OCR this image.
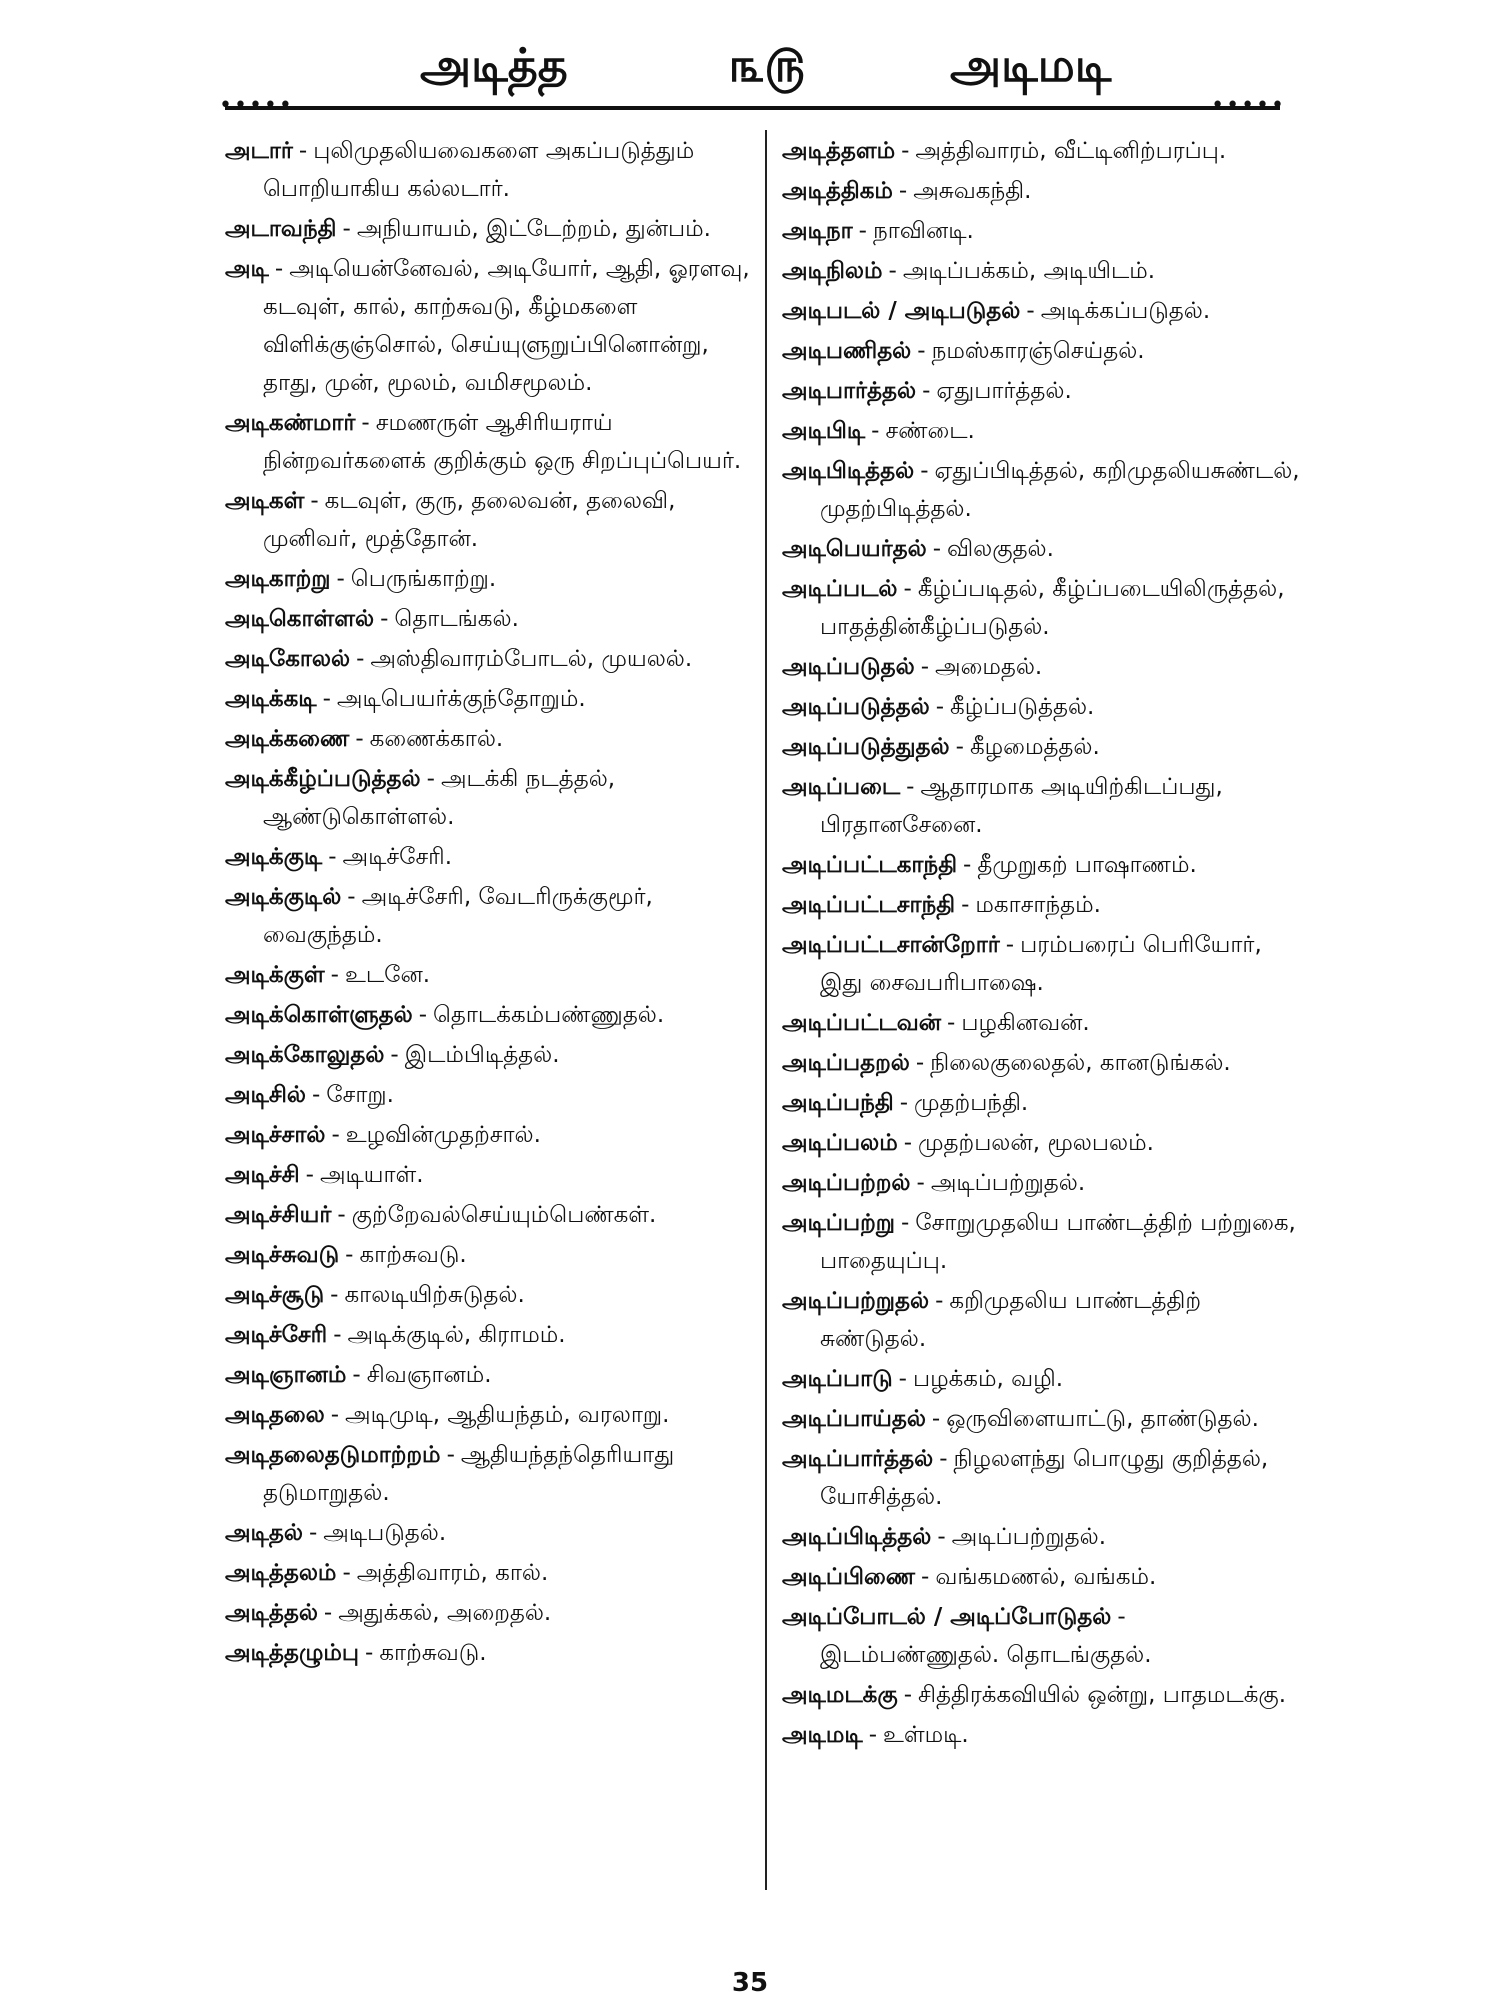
அடித்த	௩௫	அடிமடி
••••• •••••
அடார் - புலிமுதலியவைகளை அகப்படுத்தும் பொறியாகிய கல்லடார்.
அடாவந்தி - அநியாயம், இட்டேற்றம், துன்பம்.
அடி - அடியென்னேவல், அடியோர், ஆதி, ஓரளவு, கடவுள், கால், காற்சுவடு, கீழ்மகளை விளிக்குஞ்சொல், செய்யுளுறுப்பினொன்று, தாது, முன், மூலம், வமிசமூலம்.
அடிகண்மார் - சமணருள் ஆசிரியராய் நின்றவர்களைக் குறிக்கும் ஒரு சிறப்புப்பெயர்.
அடிகள் - கடவுள், குரு, தலைவன், தலைவி, முனிவர், மூத்தோன்.
அடிகாற்று - பெருங்காற்று.
அடிகொள்ளல் - தொடங்கல்.
அடிகோலல் - அஸ்திவாரம்போடல், முயலல்.
அடிக்கடி - அடிபெயர்க்குந்தோறும்.
அடிக்கணை - கணைக்கால்.
அடிக்கீழ்ப்படுத்தல் - அடக்கி நடத்தல், ஆண்டுகொள்ளல்.
அடிக்குடி - அடிச்சேரி.
அடிக்குடில் - அடிச்சேரி, வேடரிருக்குமூர், வைகுந்தம்.
அடிக்குள் - உடனே.
அடிக்கொள்ளுதல் - தொடக்கம்பண்ணுதல்.
அடிக்கோலுதல் - இடம்பிடித்தல்.
அடிசில் - சோறு.
அடிச்சால் - உழவின்முதற்சால்.
அடிச்சி - அடியாள்.
அடிச்சியர் - குற்றேவல்செய்யும்பெண்கள்.
அடிச்சுவடு - காற்சுவடு.
அடிச்சூடு - காலடியிற்சுடுதல்.
அடிச்சேரி - அடிக்குடில், கிராமம்.
அடிஞானம் - சிவஞானம்.
அடிதலை - அடிமுடி, ஆதியந்தம், வரலாறு.
அடிதலைதடுமாற்றம் - ஆதியந்தந்தெரியாது தடுமாறுதல்.
அடிதல் - அடிபடுதல்.
அடித்தலம் - அத்திவாரம், கால்.
அடித்தல் - அதுக்கல், அறைதல்.
அடித்தழும்பு - காற்சுவடு.
அடித்தளம் - அத்திவாரம், வீட்டினிற்பரப்பு.
அடித்திகம் - அசுவகந்தி.
அடிநா - நாவினடி.
அடிநிலம் - அடிப்பக்கம், அடியிடம்.
அடிபடல் / அடிபடுதல் - அடிக்கப்படுதல்.
அடிபணிதல் - நமஸ்காரஞ்செய்தல்.
அடிபார்த்தல் - ஏதுபார்த்தல்.
அடிபிடி - சண்டை.
அடிபிடித்தல் - ஏதுப்பிடித்தல், கறிமுதலியசுண்டல், முதற்பிடித்தல்.
அடிபெயர்தல் - விலகுதல்.
அடிப்படல் - கீழ்ப்படிதல், கீழ்ப்படையிலிருத்தல், பாதத்தின்கீழ்ப்படுதல்.
அடிப்படுதல் - அமைதல்.
அடிப்படுத்தல் - கீழ்ப்படுத்தல்.
அடிப்படுத்துதல் - கீழமைத்தல்.
அடிப்படை - ஆதாரமாக அடியிற்கிடப்பது, பிரதானசேனை.
அடிப்பட்டகாந்தி - தீமுறுகற் பாஷாணம்.
அடிப்பட்டசாந்தி - மகாசாந்தம்.
அடிப்பட்டசான்றோர் - பரம்பரைப் பெரியோர், இது சைவபரிபாஷை.
அடிப்பட்டவன் - பழகினவன்.
அடிப்பதறல் - நிலைகுலைதல், கானடுங்கல்.
அடிப்பந்தி - முதற்பந்தி.
அடிப்பலம் - முதற்பலன், மூலபலம்.
அடிப்பற்றல் - அடிப்பற்றுதல்.
அடிப்பற்று - சோறுமுதலிய பாண்டத்திற் பற்றுகை, பாதையுப்பு.
அடிப்பற்றுதல் - கறிமுதலிய பாண்டத்திற் சுண்டுதல்.
அடிப்பாடு - பழக்கம், வழி.
அடிப்பாய்தல் - ஒருவிளையாட்டு, தாண்டுதல்.
அடிப்பார்த்தல் - நிழலளந்து பொழுது குறித்தல், யோசித்தல்.
அடிப்பிடித்தல் - அடிப்பற்றுதல்.
அடிப்பிணை - வங்கமணல், வங்கம்.
அடிப்போடல் / அடிப்போடுதல் -இடம்பண்ணுதல். தொடங்குதல்.
அடிமடக்கு - சித்திரக்கவியில் ஒன்று, பாதமடக்கு.
அடிமடி - உள்மடி.
35
